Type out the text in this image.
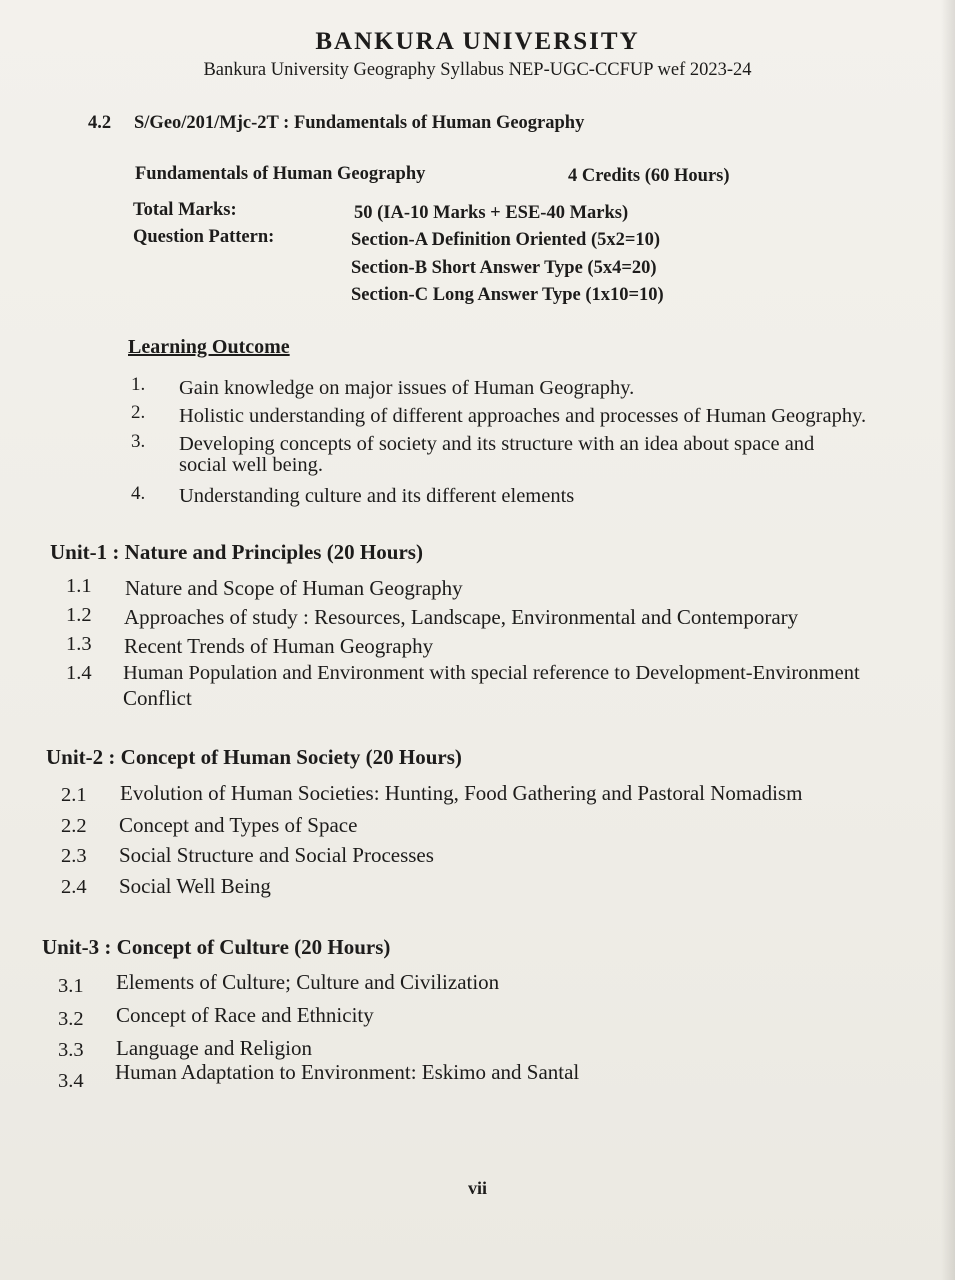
BANKURA UNIVERSITY
Bankura University Geography Syllabus NEP-UGC-CCFUP wef 2023-24
4.2 S/Geo/201/Mjc-2T : Fundamentals of Human Geography
Fundamentals of Human Geography	4 Credits (60 Hours)
Total Marks:	50 (IA-10 Marks + ESE-40 Marks)
Question Pattern:	Section-A Definition Oriented (5x2=10)
Section-B Short Answer Type (5x4=20)
Section-C Long Answer Type (1x10=10)
Learning Outcome
1. Gain knowledge on major issues of Human Geography.
2. Holistic understanding of different approaches and processes of Human Geography.
3. Developing concepts of society and its structure with an idea about space and
social well being.
4. Understanding culture and its different elements
Unit-1 : Nature and Principles (20 Hours)
1.1 Nature and Scope of Human Geography
1.2 Approaches of study : Resources, Landscape, Environmental and Contemporary
1.3 Recent Trends of Human Geography
1.4 Human Population and Environment with special reference to Development-Environment
Conflict
Unit-2 : Concept of Human Society (20 Hours)
2.1 Evolution of Human Societies: Hunting, Food Gathering and Pastoral Nomadism
2.2 Concept and Types of Space
2.3 Social Structure and Social Processes
2.4 Social Well Being
Unit-3 : Concept of Culture (20 Hours)
3.1 Elements of Culture; Culture and Civilization
3.2 Concept of Race and Ethnicity
3.3 Language and Religion
3.4 Human Adaptation to Environment: Eskimo and Santal
vii
